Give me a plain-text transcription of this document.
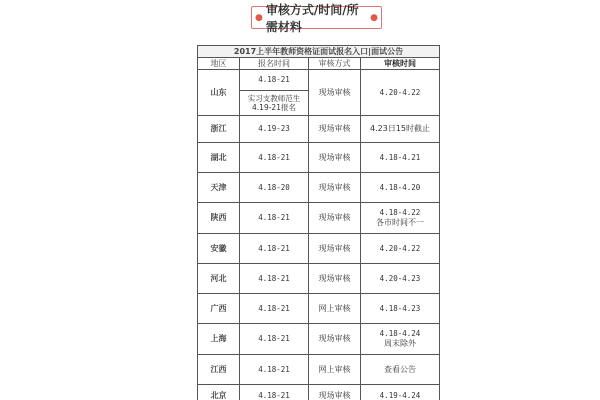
●
审核方式/时间/所需材料
●
2017上半年教师资格证面试报名入口|面试公告			
地区	报名时间	审核方式	审核时间
山东	4.18-21	现场审核	4.20-4.22
	实习支教师范生 4.19-21报名		
浙江	4.19-23	现场审核	4.23日15时截止
湖北	4.18-21	现场审核	4.18-4.21
天津	4.18-20	现场审核	4.18-4.20
陕西	4.18-21	现场审核	4.18-4.22
各市时间不一

安徽	4.18-21	现场审核	4.20-4.22
河北	4.18-21	现场审核	4.20-4.23
广西	4.18-21	网上审核	4.18-4.23
上海	4.18-21	现场审核	4.18-4.24
周末除外

江西	4.18-21	网上审核	查看公告
北京	4.18-21	现场审核	4.19-4.24
